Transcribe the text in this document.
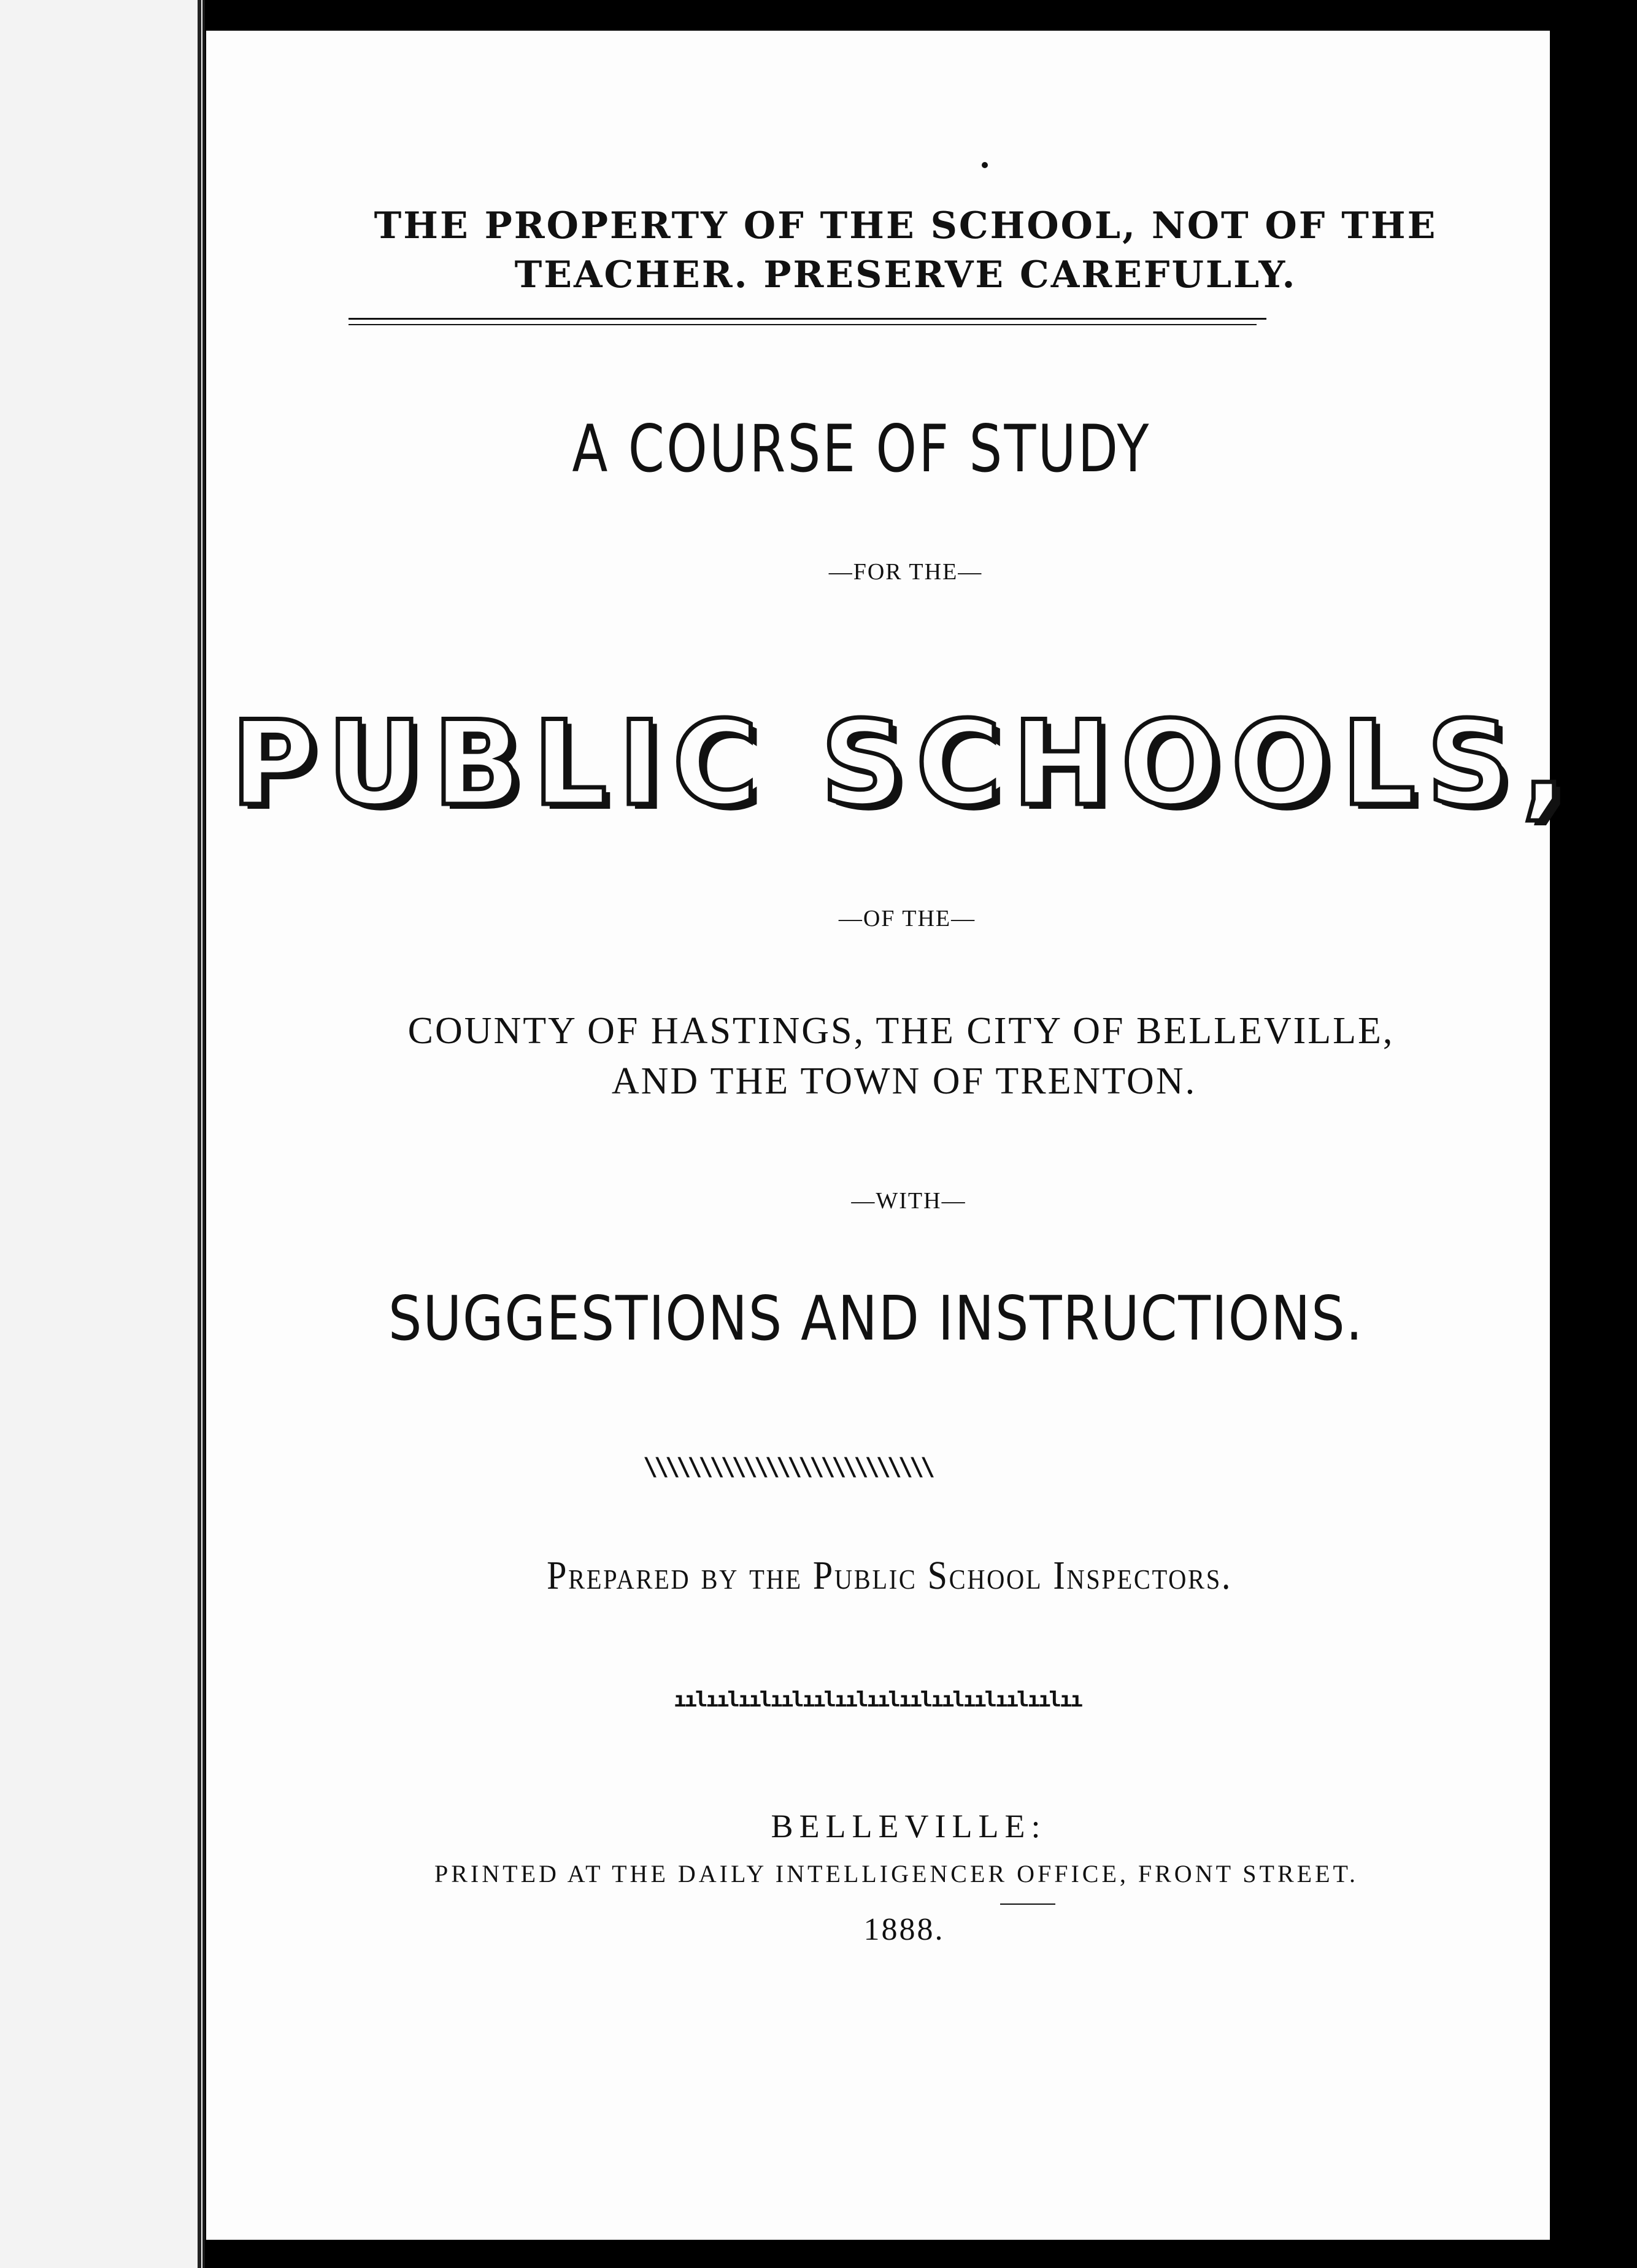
THE PROPERTY OF THE SCHOOL, NOT OF THE
TEACHER. PRESERVE CAREFULLY.
A COURSE OF STUDY
—FOR THE—
PUBLIC SCHOOLS,
—OF THE—
COUNTY OF HASTINGS, THE CITY OF BELLEVILLE,
AND THE TOWN OF TRENTON.
—WITH—
SUGGESTIONS AND INSTRUCTIONS.
\\\\\\\\\\\\\\\\\\\\\\\\\\
Prepared by the Public School Inspectors.
ıılıılıılıılıılıılıılıılıılıılıılıılıı
BELLEVILLE:
PRINTED AT THE DAILY INTELLIGENCER OFFICE, FRONT STREET.
1888.
